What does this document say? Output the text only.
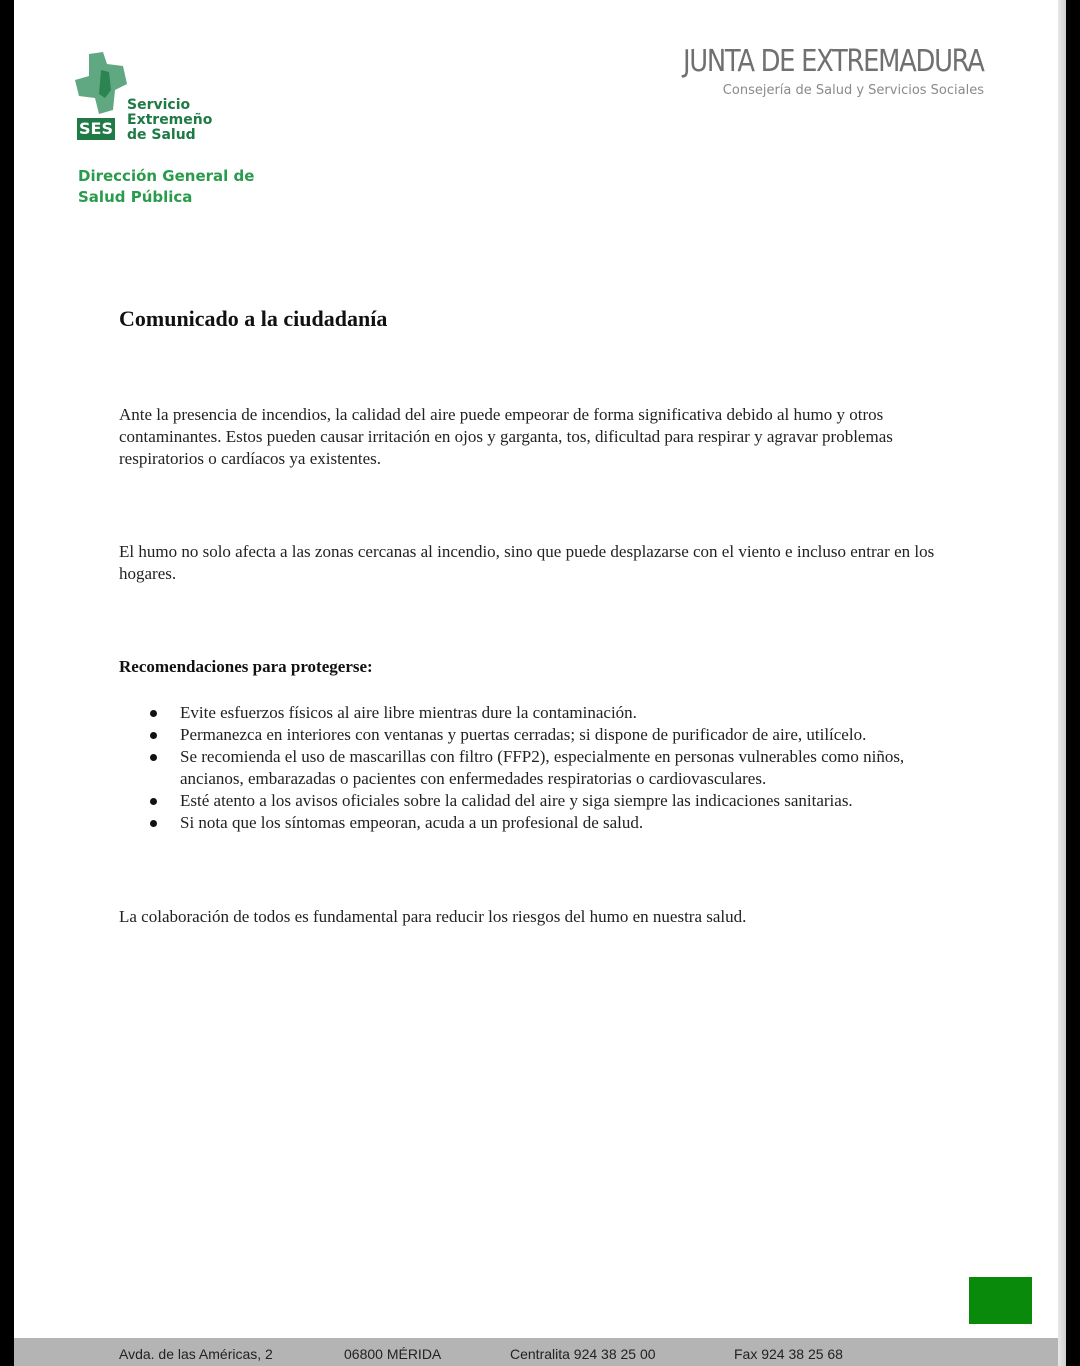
SES
Servicio
Extremeño
de Salud
Dirección General de
Salud Pública
JUNTA DE EXTREMADURA
Consejería de Salud y Servicios Sociales
Comunicado a la ciudadanía
Ante la presencia de incendios, la calidad del aire puede empeorar de forma significativa debido al humo y otros contaminantes. Estos pueden causar irritación en ojos y garganta, tos, dificultad para respirar y agravar problemas respiratorios o cardíacos ya existentes.
El humo no solo afecta a las zonas cercanas al incendio, sino que puede desplazarse con el viento e incluso entrar en los hogares.
Recomendaciones para protegerse:
Evite esfuerzos físicos al aire libre mientras dure la contaminación.
Permanezca en interiores con ventanas y puertas cerradas; si dispone de purificador de aire, utilícelo.
Se recomienda el uso de mascarillas con filtro (FFP2), especialmente en personas vulnerables como niños, ancianos, embarazadas o pacientes con enfermedades respiratorias o cardiovasculares.
Esté atento a los avisos oficiales sobre la calidad del aire y siga siempre las indicaciones sanitarias.
Si nota que los síntomas empeoran, acuda a un profesional de salud.
La colaboración de todos es fundamental para reducir los riesgos del humo en nuestra salud.
Avda. de las Américas, 2	06800 MÉRIDA	Centralita 924 38 25 00	Fax 924 38 25 68
